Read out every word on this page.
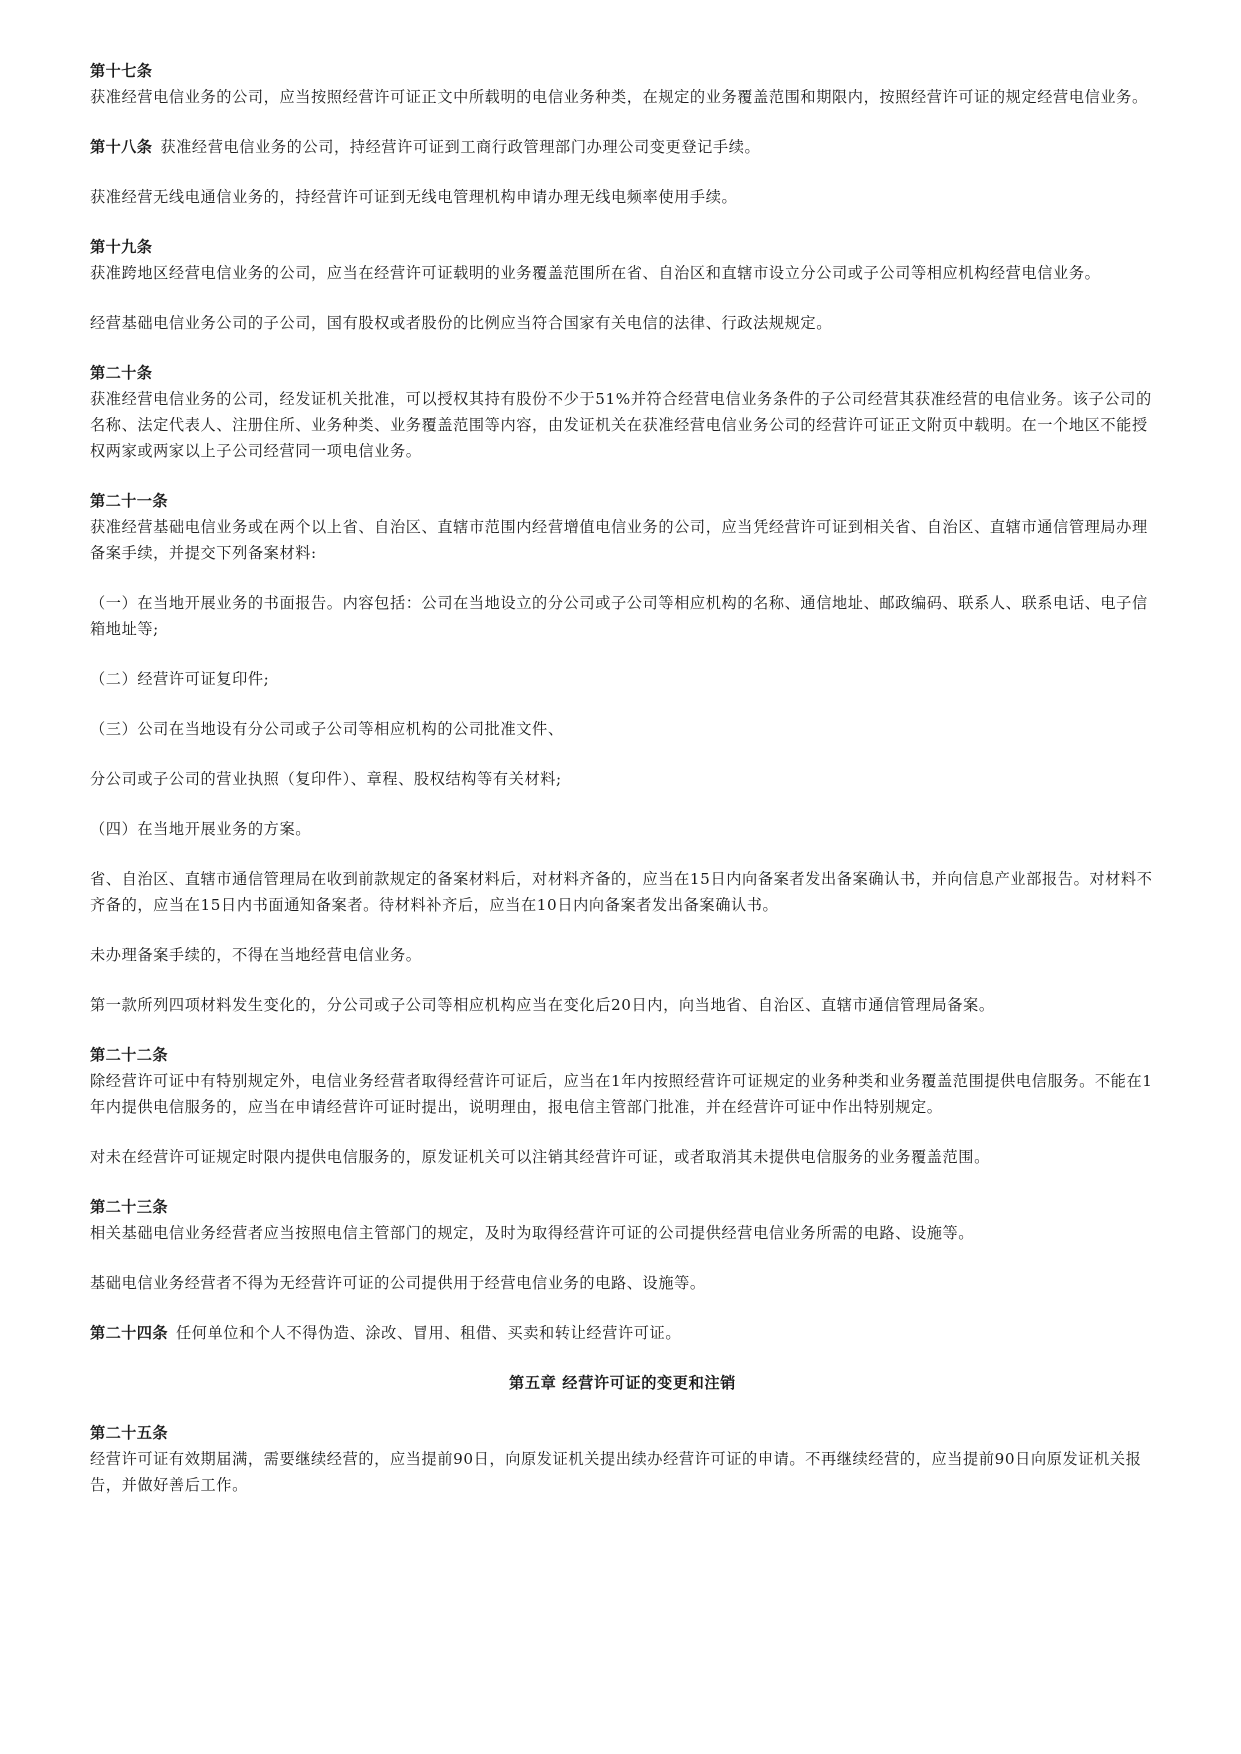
第十七条

获准经营电信业务的公司，应当按照经营许可证正文中所载明的电信业务种类，在规定的业务覆盖范围和期限内，按照经营许可证的规定经营电信业务。

第十八条 获准经营电信业务的公司，持经营许可证到工商行政管理部门办理公司变更登记手续。

获准经营无线电通信业务的，持经营许可证到无线电管理机构申请办理无线电频率使用手续。

第十九条

获准跨地区经营电信业务的公司，应当在经营许可证载明的业务覆盖范围所在省、自治区和直辖市设立分公司或子公司等相应机构经营电信业务。

经营基础电信业务公司的子公司，国有股权或者股份的比例应当符合国家有关电信的法律、行政法规规定。

第二十条

获准经营电信业务的公司，经发证机关批准，可以授权其持有股份不少于51%并符合经营电信业务条件的子公司经营其获准经营的电信业务。该子公司的名称、法定代表人、注册住所、业务种类、业务覆盖范围等内容，由发证机关在获准经营电信业务公司的经营许可证正文附页中载明。在一个地区不能授权两家或两家以上子公司经营同一项电信业务。

第二十一条

获准经营基础电信业务或在两个以上省、自治区、直辖市范围内经营增值电信业务的公司，应当凭经营许可证到相关省、自治区、直辖市通信管理局办理备案手续，并提交下列备案材料:

（一）在当地开展业务的书面报告。内容包括：公司在当地设立的分公司或子公司等相应机构的名称、通信地址、邮政编码、联系人、联系电话、电子信箱地址等;

（二）经营许可证复印件;

（三）公司在当地设有分公司或子公司等相应机构的公司批准文件、

分公司或子公司的营业执照（复印件）、章程、股权结构等有关材料;

（四）在当地开展业务的方案。

省、自治区、直辖市通信管理局在收到前款规定的备案材料后，对材料齐备的，应当在15日内向备案者发出备案确认书，并向信息产业部报告。对材料不齐备的，应当在15日内书面通知备案者。待材料补齐后，应当在10日内向备案者发出备案确认书。

未办理备案手续的，不得在当地经营电信业务。

第一款所列四项材料发生变化的，分公司或子公司等相应机构应当在变化后20日内，向当地省、自治区、直辖市通信管理局备案。

第二十二条

除经营许可证中有特别规定外，电信业务经营者取得经营许可证后，应当在1年内按照经营许可证规定的业务种类和业务覆盖范围提供电信服务。不能在1年内提供电信服务的，应当在申请经营许可证时提出，说明理由，报电信主管部门批准，并在经营许可证中作出特别规定。

对未在经营许可证规定时限内提供电信服务的，原发证机关可以注销其经营许可证，或者取消其未提供电信服务的业务覆盖范围。

第二十三条

相关基础电信业务经营者应当按照电信主管部门的规定，及时为取得经营许可证的公司提供经营电信业务所需的电路、设施等。

基础电信业务经营者不得为无经营许可证的公司提供用于经营电信业务的电路、设施等。

第二十四条 任何单位和个人不得伪造、涂改、冒用、租借、买卖和转让经营许可证。

第五章 经营许可证的变更和注销
第二十五条

经营许可证有效期届满，需要继续经营的，应当提前90日，向原发证机关提出续办经营许可证的申请。不再继续经营的，应当提前90日向原发证机关报告，并做好善后工作。
